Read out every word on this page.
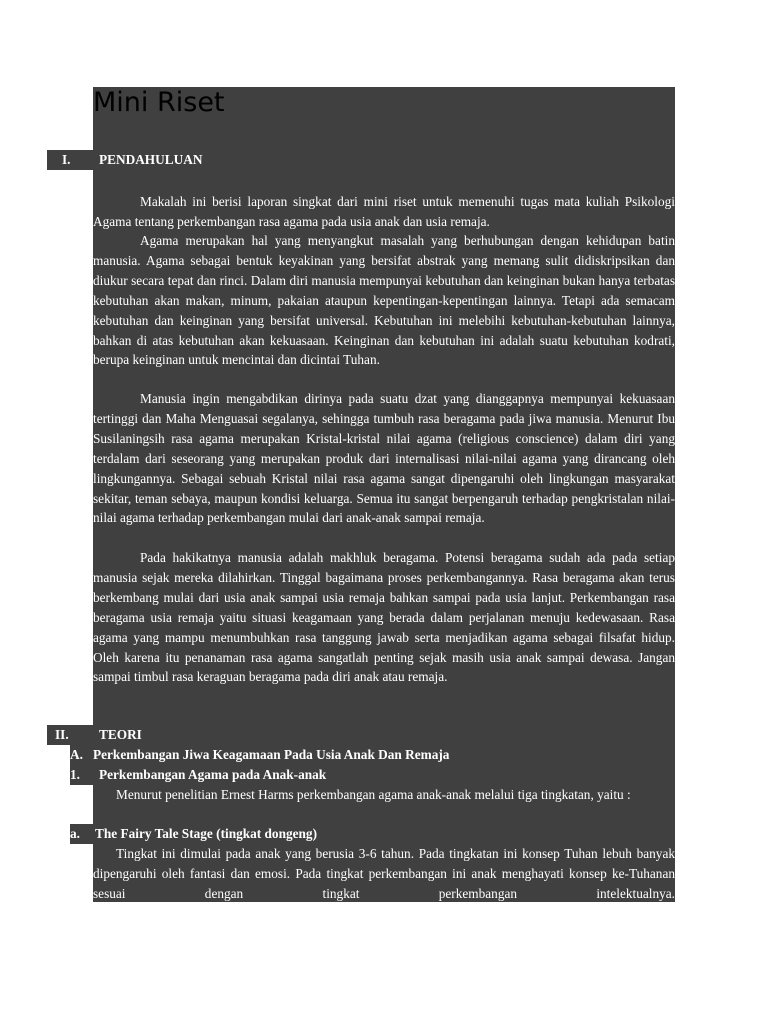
Mini Riset
I. PENDAHULUAN

Makalah ini berisi laporan singkat dari mini riset untuk memenuhi tugas mata kuliah Psikologi Agama tentang perkembangan rasa agama pada usia anak dan usia remaja.

Agama merupakan hal yang menyangkut masalah yang berhubungan dengan kehidupan batin manusia. Agama sebagai bentuk keyakinan yang bersifat abstrak yang memang sulit didiskripsikan dan diukur secara tepat dan rinci. Dalam diri manusia mempunyai kebutuhan dan keinginan bukan hanya terbatas kebutuhan akan makan, minum, pakaian ataupun kepentingan-kepentingan lainnya. Tetapi ada semacam kebutuhan dan keinginan yang bersifat universal. Kebutuhan ini melebihi kebutuhan-kebutuhan lainnya, bahkan di atas kebutuhan akan kekuasaan. Keinginan dan kebutuhan ini adalah suatu kebutuhan kodrati, berupa keinginan untuk mencintai dan dicintai Tuhan.

Manusia ingin mengabdikan dirinya pada suatu dzat yang dianggapnya mempunyai kekuasaan tertinggi dan Maha Menguasai segalanya, sehingga tumbuh rasa beragama pada jiwa manusia. Menurut Ibu Susilaningsih rasa agama merupakan Kristal-kristal nilai agama (religious conscience) dalam diri yang terdalam dari seseorang yang merupakan produk dari internalisasi nilai-nilai agama yang dirancang oleh lingkungannya. Sebagai sebuah Kristal nilai rasa agama sangat dipengaruhi oleh lingkungan masyarakat sekitar, teman sebaya, maupun kondisi keluarga. Semua itu sangat berpengaruh terhadap pengkristalan nilai-nilai agama terhadap perkembangan mulai dari anak-anak sampai remaja.

Pada hakikatnya manusia adalah makhluk beragama. Potensi beragama sudah ada pada setiap manusia sejak mereka dilahirkan. Tinggal bagaimana proses perkembangannya. Rasa beragama akan terus berkembang mulai dari usia anak sampai usia remaja bahkan sampai pada usia lanjut. Perkembangan rasa beragama usia remaja yaitu situasi keagamaan yang berada dalam perjalanan menuju kedewasaan. Rasa agama yang mampu menumbuhkan rasa tanggung jawab serta menjadikan agama sebagai filsafat hidup. Oleh karena itu penanaman rasa agama sangatlah penting sejak masih usia anak sampai dewasa. Jangan sampai timbul rasa keraguan beragama pada diri anak atau remaja.

II. TEORI
A. Perkembangan Jiwa Keagamaan Pada Usia Anak Dan Remaja
1. Perkembangan Agama pada Anak-anak

Menurut penelitian Ernest Harms perkembangan agama anak-anak melalui tiga tingkatan, yaitu :

a. The Fairy Tale Stage (tingkat dongeng)

Tingkat ini dimulai pada anak yang berusia 3-6 tahun. Pada tingkatan ini konsep Tuhan lebuh banyak dipengaruhi oleh fantasi dan emosi. Pada tingkat perkembangan ini anak menghayati konsep ke-Tuhanan sesuai dengan tingkat perkembangan intelektualnya.
